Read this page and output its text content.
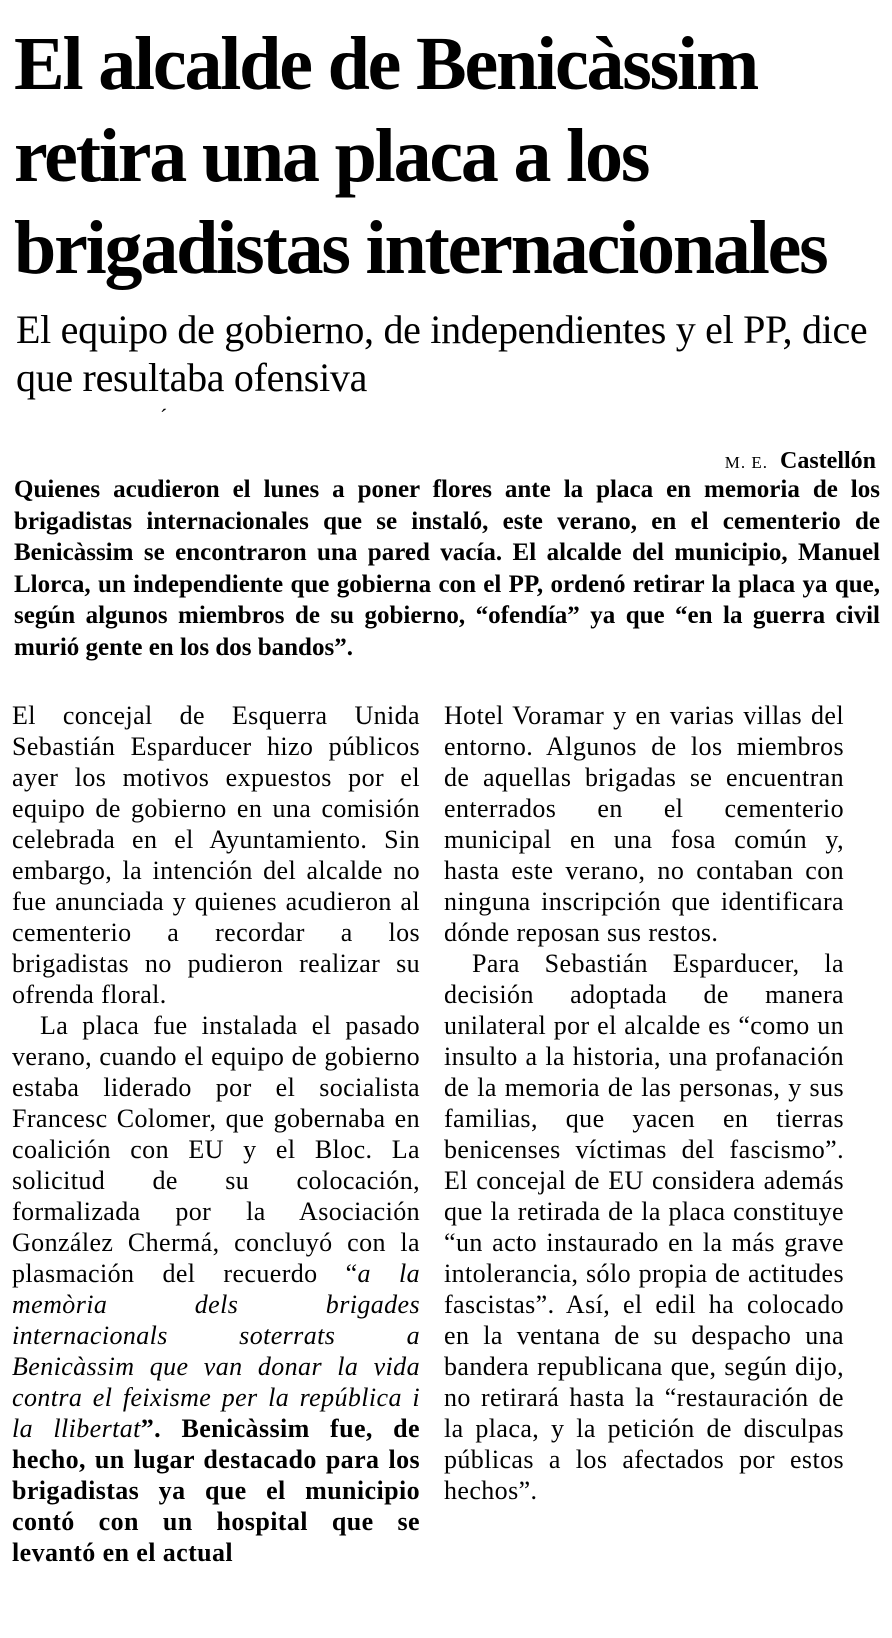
El alcalde de Benicàssim retira una placa a los brigadistas internacionales
El equipo de gobierno, de independientes y el PP, dice que resultaba ofensiva
ˊ
M. E. Castellón

Quienes acudieron el lunes a poner flores ante la placa en memoria de los brigadistas internacionales que se instaló, este verano, en el cementerio de Benicàssim se encontraron una pared vacía. El alcalde del municipio, Manuel Llorca, un independiente que gobierna con el PP, ordenó retirar la placa ya que, según algunos miembros de su gobierno, “ofendía” ya que “en la guerra civil murió gente en los dos bandos”.

El concejal de Esquerra Unida Sebastián Esparducer hizo públicos ayer los motivos expuestos por el equipo de gobierno en una comisión celebrada en el Ayuntamiento. Sin embargo, la intención del alcalde no fue anunciada y quienes acudieron al cementerio a recordar a los brigadistas no pudieron realizar su ofrenda floral.

La placa fue instalada el pasado verano, cuando el equipo de gobierno estaba liderado por el socialista Francesc Colomer, que gobernaba en coalición con EU y el Bloc. La solicitud de su colocación, formalizada por la Asociación González Chermá, concluyó con la plasmación del recuerdo “a la memòria dels brigades internacionals soterrats a Benicàssim que van donar la vida contra el feixisme per la república i la llibertat”. Benicàssim fue, de hecho, un lugar destacado para los brigadistas ya que el municipio contó con un hospital que se levantó en el actual

Hotel Voramar y en varias villas del entorno. Algunos de los miembros de aquellas brigadas se encuentran enterrados en el cementerio municipal en una fosa común y, hasta este verano, no contaban con ninguna inscripción que identificara dónde reposan sus restos.

Para Sebastián Esparducer, la decisión adoptada de manera unilateral por el alcalde es “como un insulto a la historia, una profanación de la memoria de las personas, y sus familias, que yacen en tierras benicenses víctimas del fascismo”. El concejal de EU considera además que la retirada de la placa constituye “un acto instaurado en la más grave intolerancia, sólo propia de actitudes fascistas”. Así, el edil ha colocado en la ventana de su despacho una bandera republicana que, según dijo, no retirará hasta la “restauración de la placa, y la petición de disculpas públicas a los afectados por estos hechos”.
